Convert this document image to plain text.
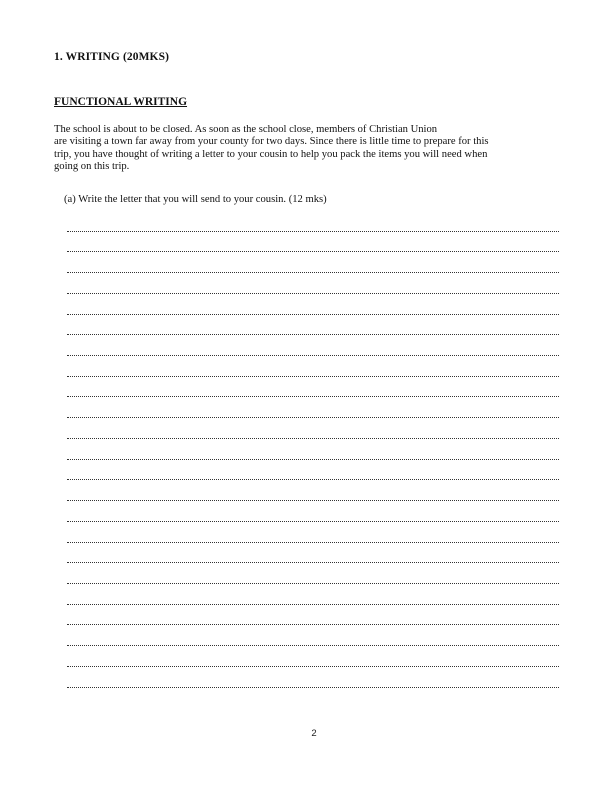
1. WRITING (20MKS)
FUNCTIONAL WRITING
The school is about to be closed. As soon as the school close, members of Christian Union
are visiting a town far away from your county for two days. Since there is little time to prepare for this
trip, you have thought of writing a letter to your cousin to help you pack the items you will need when
going on this trip.
(a) Write the letter that you will send to your cousin. (12 mks)
2
